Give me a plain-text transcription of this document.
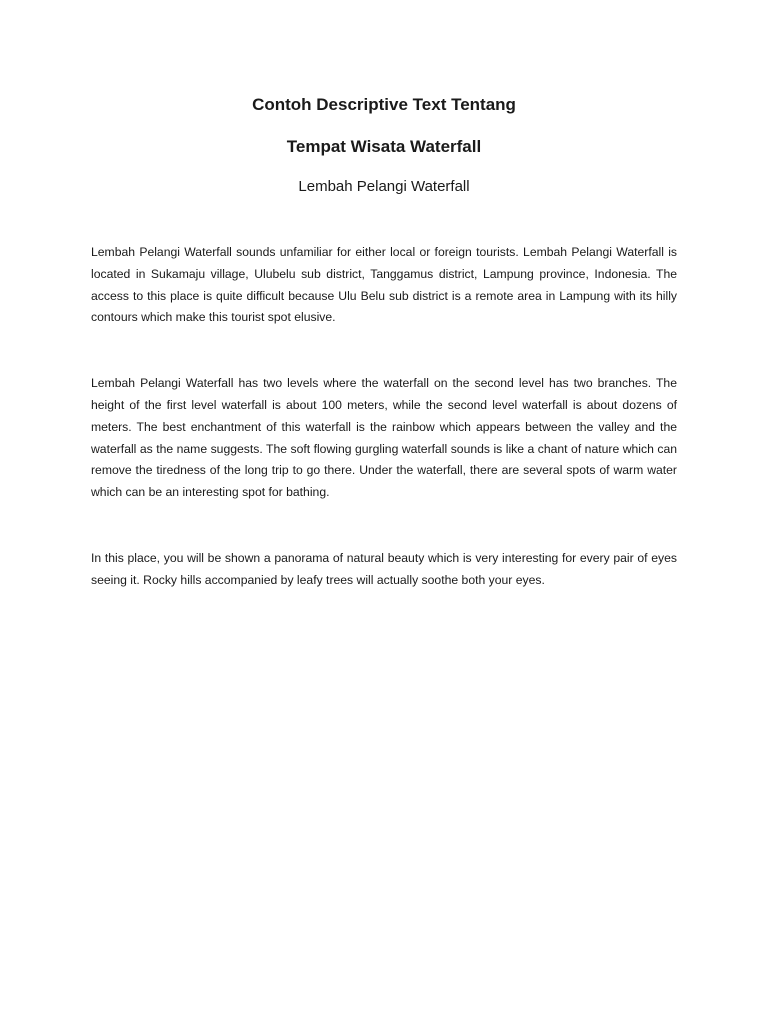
Contoh Descriptive Text Tentang
Tempat Wisata Waterfall
Lembah Pelangi Waterfall

Lembah Pelangi Waterfall sounds unfamiliar for either local or foreign tourists. Lembah Pelangi Waterfall is located in Sukamaju village, Ulubelu sub district, Tanggamus district, Lampung province, Indonesia. The access to this place is quite difficult because Ulu Belu sub district is a remote area in Lampung with its hilly contours which make this tourist spot elusive.

Lembah Pelangi Waterfall has two levels where the waterfall on the second level has two branches. The height of the first level waterfall is about 100 meters, while the second level waterfall is about dozens of meters. The best enchantment of this waterfall is the rainbow which appears between the valley and the waterfall as the name suggests. The soft flowing gurgling waterfall sounds is like a chant of nature which can remove the tiredness of the long trip to go there. Under the waterfall, there are several spots of warm water which can be an interesting spot for bathing.

In this place, you will be shown a panorama of natural beauty which is very interesting for every pair of eyes seeing it. Rocky hills accompanied by leafy trees will actually soothe both your eyes.
